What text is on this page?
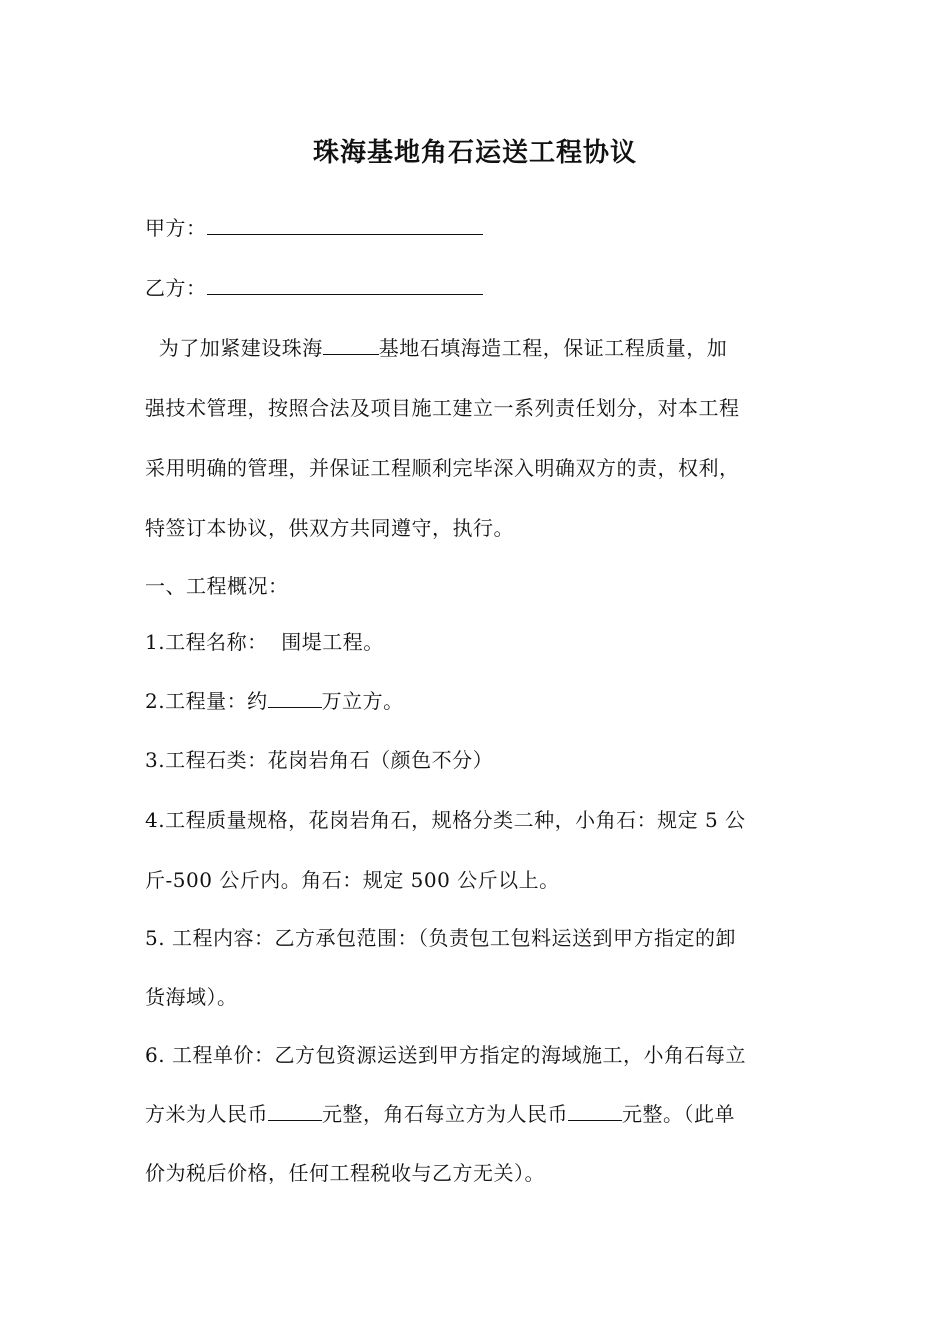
珠海基地角石运送工程协议
甲方：
乙方：
为了加紧建设珠海	基地石填海造工程，保证工程质量，加
强技术管理，按照合法及项目施工建立一系列责任划分，对本工程
采用明确的管理，并保证工程顺利完毕深入明确双方的责，权利，
特签订本协议，供双方共同遵守，执行。
一、工程概况：
1.工程名称：  围堤工程。
2.工程量：约	万立方。
3.工程石类：花岗岩角石（颜色不分）
4.工程质量规格，花岗岩角石，规格分类二种，小角石：规定 5 公
斤-500 公斤内。角石：规定 500 公斤以上。
5. 工程内容：乙方承包范围：（负责包工包料运送到甲方指定的卸
货海域）。
6. 工程单价：乙方包资源运送到甲方指定的海域施工，小角石每立
方米为人民币	元整，角石每立方为人民币	元整。（此单
价为税后价格，任何工程税收与乙方无关）。
